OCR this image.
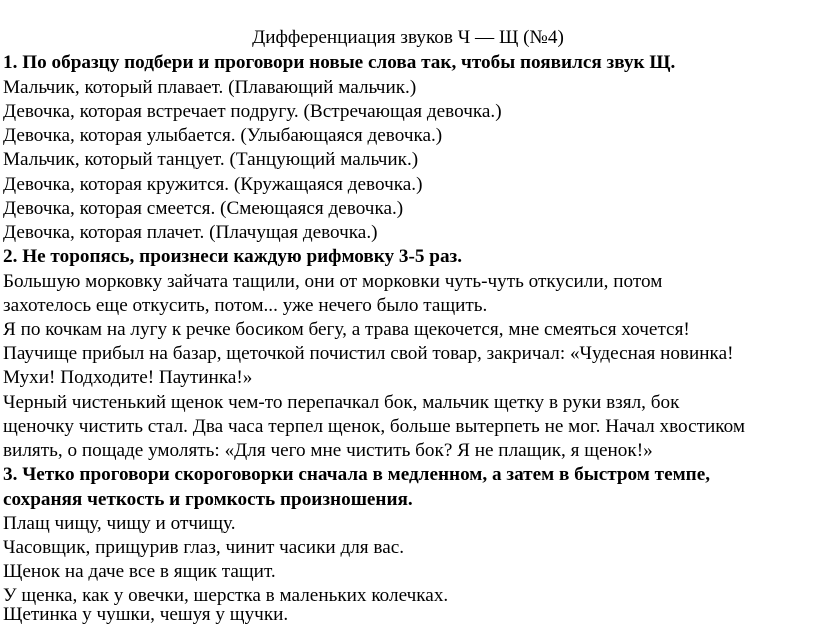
Дифференциация звуков Ч — Щ (№4)

1. По образцу подбери и проговори новые слова так, чтобы появился звук Щ.

Мальчик, который плавает. (Плавающий мальчик.)

Девочка, которая встречает подругу. (Встречающая девочка.)

Девочка, которая улыбается. (Улыбающаяся девочка.)

Мальчик, который танцует. (Танцующий мальчик.)

Девочка, которая кружится. (Кружащаяся девочка.)

Девочка, которая смеется. (Смеющаяся девочка.)

Девочка, которая плачет. (Плачущая девочка.)

2. Не торопясь, произнеси каждую рифмовку 3-5 раз.

Большую морковку зайчата тащили, они от морковки чуть-чуть откусили, потом

захотелось еще откусить, потом... уже нечего было тащить.

Я по кочкам на лугу к речке босиком бегу, а трава щекочется, мне смеяться хочется!

Паучище прибыл на базар, щеточкой почистил свой товар, закричал: «Чудесная новинка!

Мухи! Подходите! Паутинка!»

Черный чистенький щенок чем-то перепачкал бок, мальчик щетку в руки взял, бок

щеночку чистить стал. Два часа терпел щенок, больше вытерпеть не мог. Начал хвостиком

вилять, о пощаде умолять: «Для чего мне чистить бок? Я не плащик, я щенок!»

3. Четко проговори скороговорки сначала в медленном, а затем в быстром темпе,

сохраняя четкость и громкость произношения.

Плащ чищу, чищу и отчищу.

Часовщик, прищурив глаз, чинит часики для вас.

Щенок на даче все в ящик тащит.

У щенка, как у овечки, шерстка в маленьких колечках.

Щетинка у чушки, чешуя у щучки.
